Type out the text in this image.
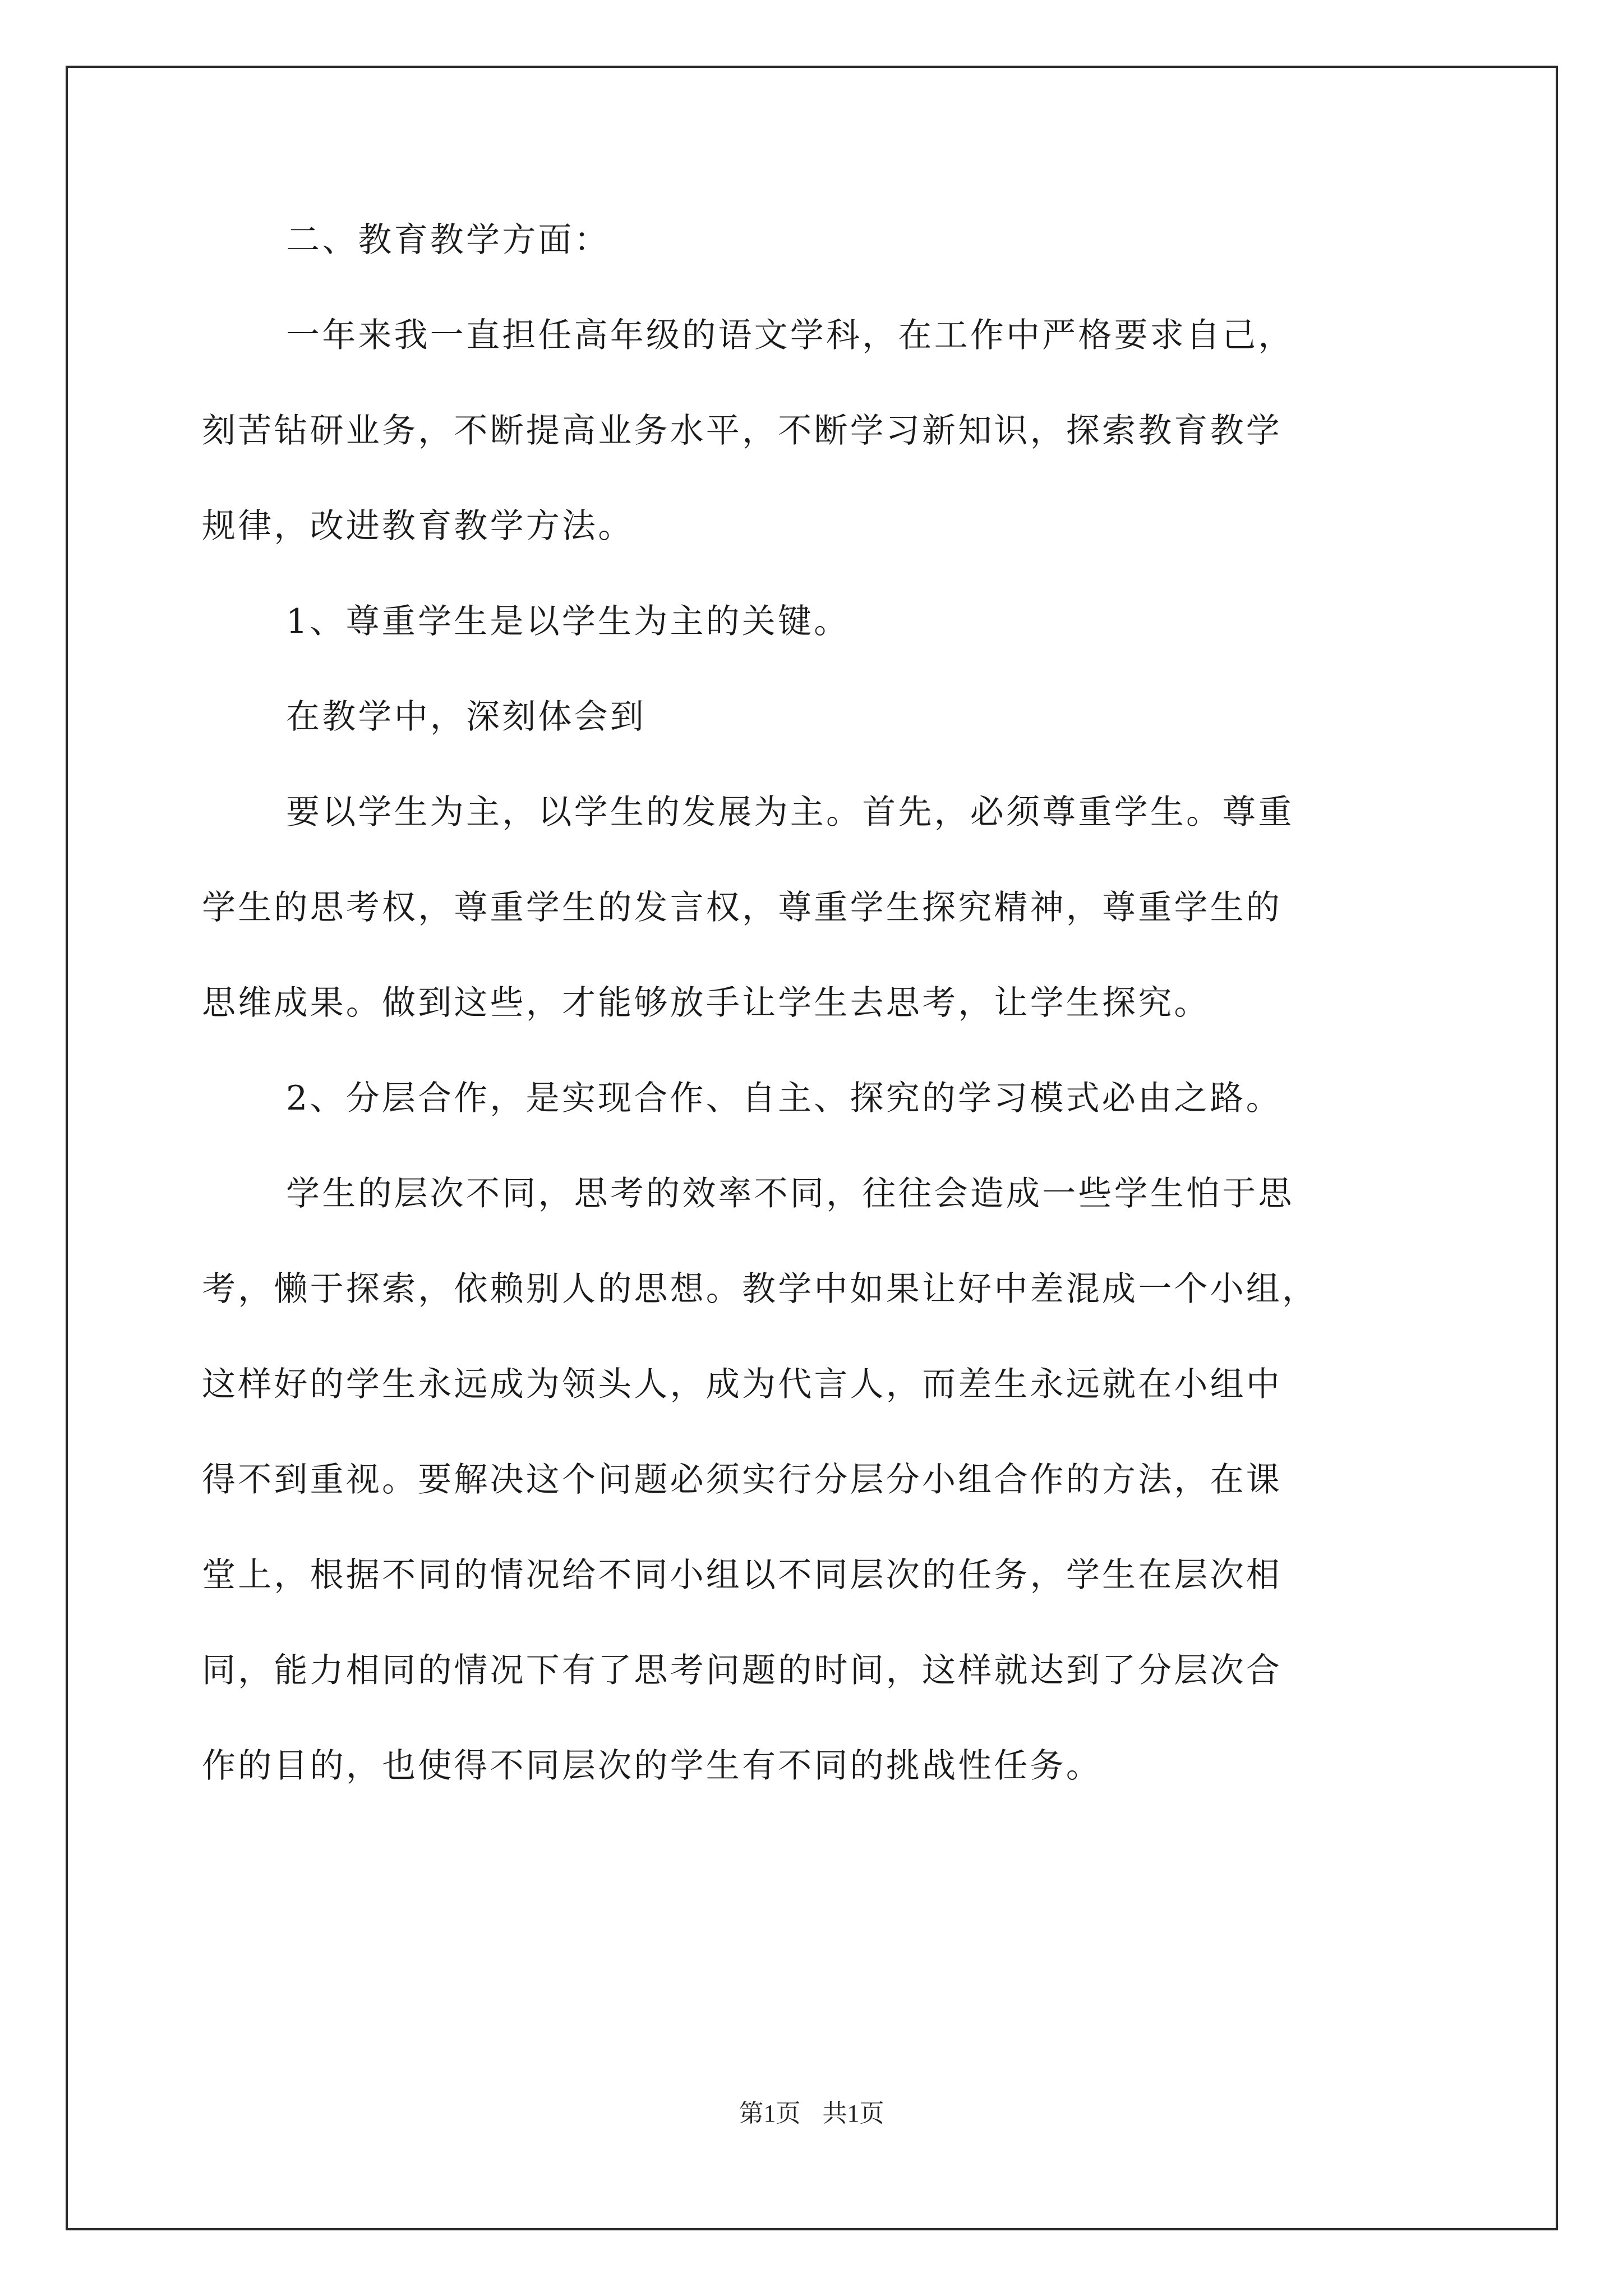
二、教育教学方面：
一年来我一直担任高年级的语文学科，在工作中严格要求自己，
刻苦钻研业务，不断提高业务水平，不断学习新知识，探索教育教学
规律，改进教育教学方法。
1、尊重学生是以学生为主的关键。
在教学中，深刻体会到
要以学生为主，以学生的发展为主。首先，必须尊重学生。尊重
学生的思考权，尊重学生的发言权，尊重学生探究精神，尊重学生的
思维成果。做到这些，才能够放手让学生去思考，让学生探究。
2、分层合作，是实现合作、自主、探究的学习模式必由之路。
学生的层次不同，思考的效率不同，往往会造成一些学生怕于思
考，懒于探索，依赖别人的思想。教学中如果让好中差混成一个小组，
这样好的学生永远成为领头人，成为代言人，而差生永远就在小组中
得不到重视。要解决这个问题必须实行分层分小组合作的方法，在课
堂上，根据不同的情况给不同小组以不同层次的任务，学生在层次相
同，能力相同的情况下有了思考问题的时间，这样就达到了分层次合
作的目的，也使得不同层次的学生有不同的挑战性任务。
第1页 共1页
